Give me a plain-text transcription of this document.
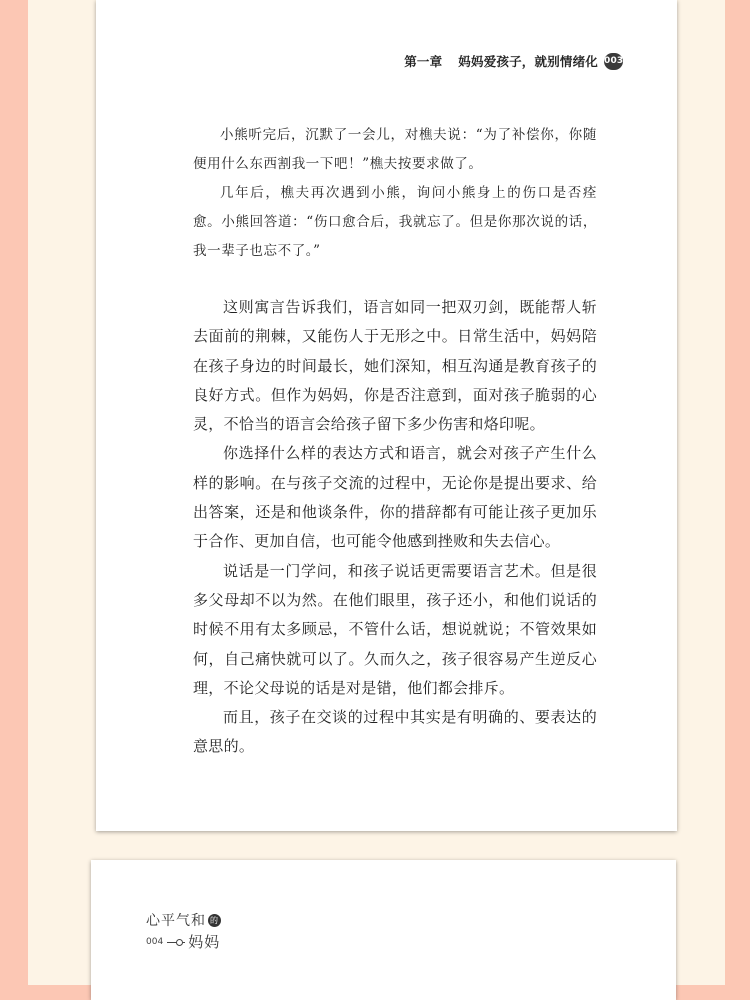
第一章 妈妈爱孩子，就别情绪化 003

小熊听完后，沉默了一会儿，对樵夫说：“为了补偿你，你随便用什么东西割我一下吧！”樵夫按要求做了。

几年后，樵夫再次遇到小熊，询问小熊身上的伤口是否痊愈。小熊回答道：“伤口愈合后，我就忘了。但是你那次说的话，我一辈子也忘不了。”

这则寓言告诉我们，语言如同一把双刃剑，既能帮人斩去面前的荆棘，又能伤人于无形之中。日常生活中，妈妈陪在孩子身边的时间最长，她们深知，相互沟通是教育孩子的良好方式。但作为妈妈，你是否注意到，面对孩子脆弱的心灵，不恰当的语言会给孩子留下多少伤害和烙印呢。

你选择什么样的表达方式和语言，就会对孩子产生什么样的影响。在与孩子交流的过程中，无论你是提出要求、给出答案，还是和他谈条件，你的措辞都有可能让孩子更加乐于合作、更加自信，也可能令他感到挫败和失去信心。

说话是一门学问，和孩子说话更需要语言艺术。但是很多父母却不以为然。在他们眼里，孩子还小，和他们说话的时候不用有太多顾忌，不管什么话，想说就说；不管效果如何，自己痛快就可以了。久而久之，孩子很容易产生逆反心理，不论父母说的话是对是错，他们都会排斥。

而且，孩子在交谈的过程中其实是有明确的、要表达的意思的。

心平气和 的
004 妈妈
